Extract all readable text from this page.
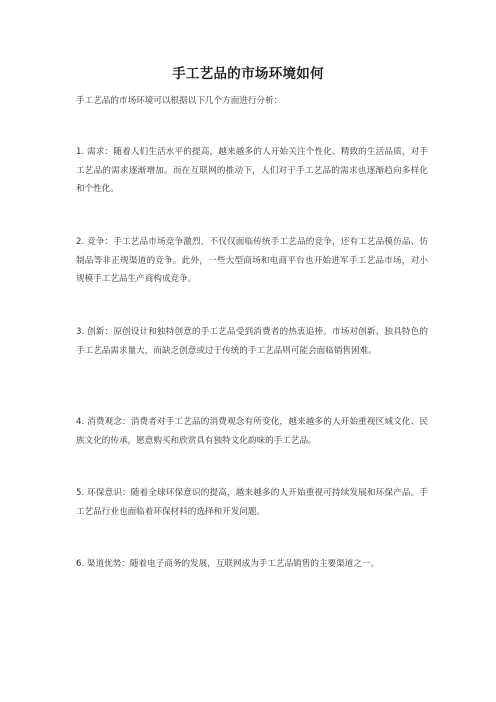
手工艺品的市场环境如何
手工艺品的市场环境可以根据以下几个方面进行分析：
1. 需求：随着人们生活水平的提高，越来越多的人开始关注个性化、精致的生活品质，对手工艺品的需求逐渐增加。而在互联网的推动下，人们对于手工艺品的需求也逐渐趋向多样化和个性化。
2. 竞争：手工艺品市场竞争激烈，不仅仅面临传统手工艺品的竞争，还有工艺品模仿品、仿制品等非正规渠道的竞争。此外，一些大型商场和电商平台也开始进军手工艺品市场，对小规模手工艺品生产商构成竞争。
3. 创新：原创设计和独特创意的手工艺品受到消费者的热衷追捧。市场对创新、独具特色的手工艺品需求量大，而缺乏创意或过于传统的手工艺品则可能会面临销售困难。
4. 消费观念：消费者对手工艺品的消费观念有所变化，越来越多的人开始重视区域文化、民族文化的传承，愿意购买和欣赏具有独特文化韵味的手工艺品。
5. 环保意识：随着全球环保意识的提高，越来越多的人开始重视可持续发展和环保产品。手工艺品行业也面临着环保材料的选择和开发问题。
6. 渠道优势：随着电子商务的发展，互联网成为手工艺品销售的主要渠道之一。
